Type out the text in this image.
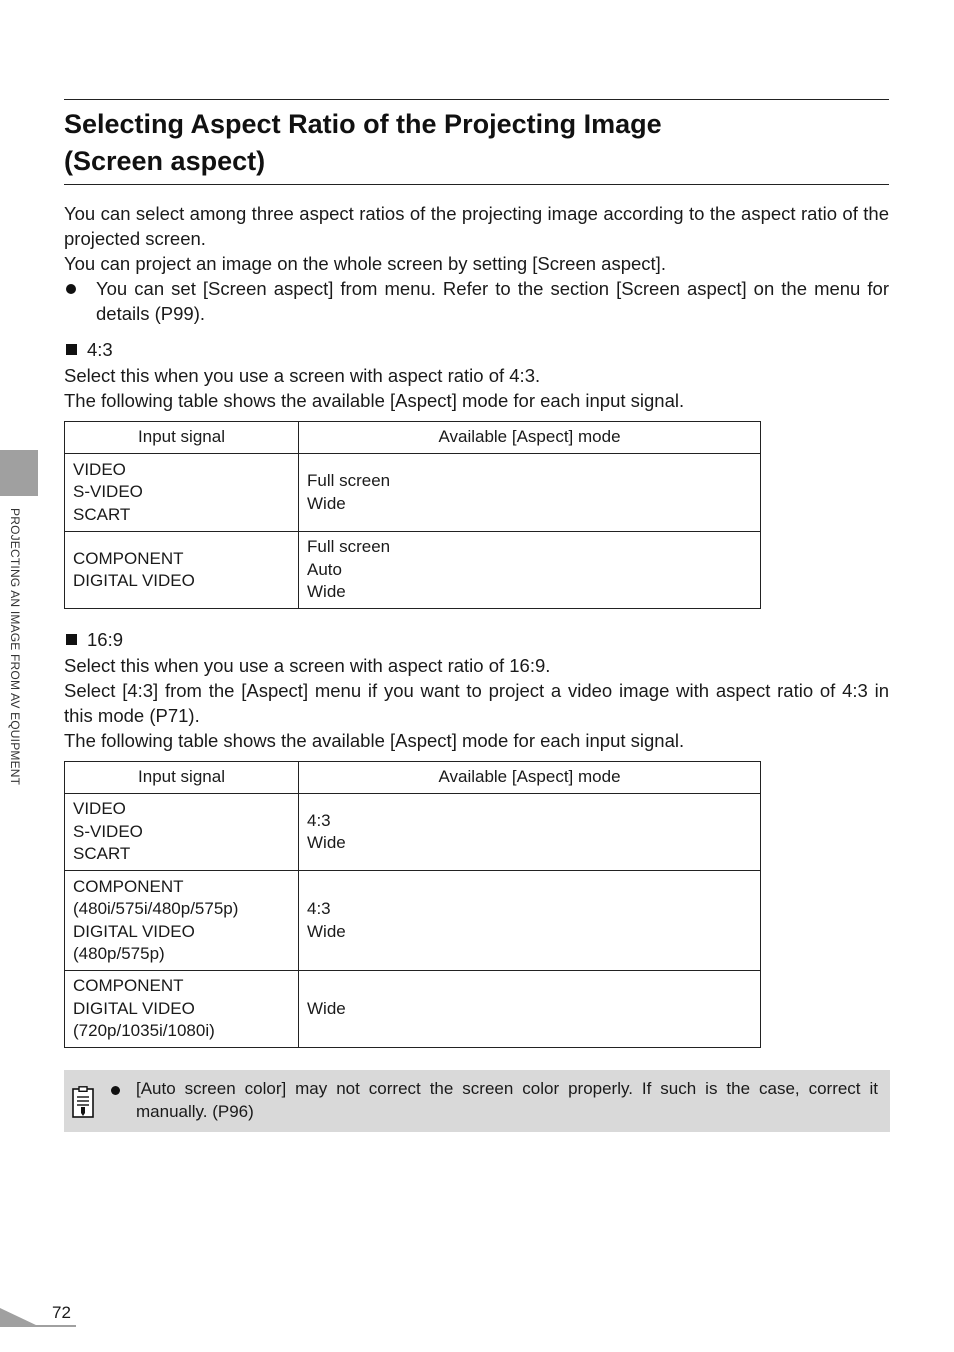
Selecting Aspect Ratio of the Projecting Image
(Screen aspect)

You can select among three aspect ratios of the projecting image according to the aspect ratio of the projected screen.

You can project an image on the whole screen by setting [Screen aspect].

You can set [Screen aspect] from menu. Refer to the section [Screen aspect] on the menu for details (P99).
4:3

Select this when you use a screen with aspect ratio of 4:3.

The following table shows the available [Aspect] mode for each input signal.

Input signal	Available [Aspect] mode

VIDEO
S-VIDEO
SCART	Full screen
Wide

COMPONENT
DIGITAL VIDEO	Full screen
Auto
Wide
16:9

Select this when you use a screen with aspect ratio of 16:9.

Select [4:3] from the [Aspect] menu if you want to project a video image with aspect ratio of 4:3 in this mode (P71).

The following table shows the available [Aspect] mode for each input signal.

Input signal	Available [Aspect] mode

VIDEO
S-VIDEO
SCART	4:3
Wide

COMPONENT
(480i/575i/480p/575p)
DIGITAL VIDEO
(480p/575p)	4:3
Wide

COMPONENT
DIGITAL VIDEO
(720p/1035i/1080i)	Wide
[Auto screen color] may not correct the screen color properly. If such is the case, correct it manually. (P96)
PROJECTING AN IMAGE FROM AV EQUIPMENT
72
